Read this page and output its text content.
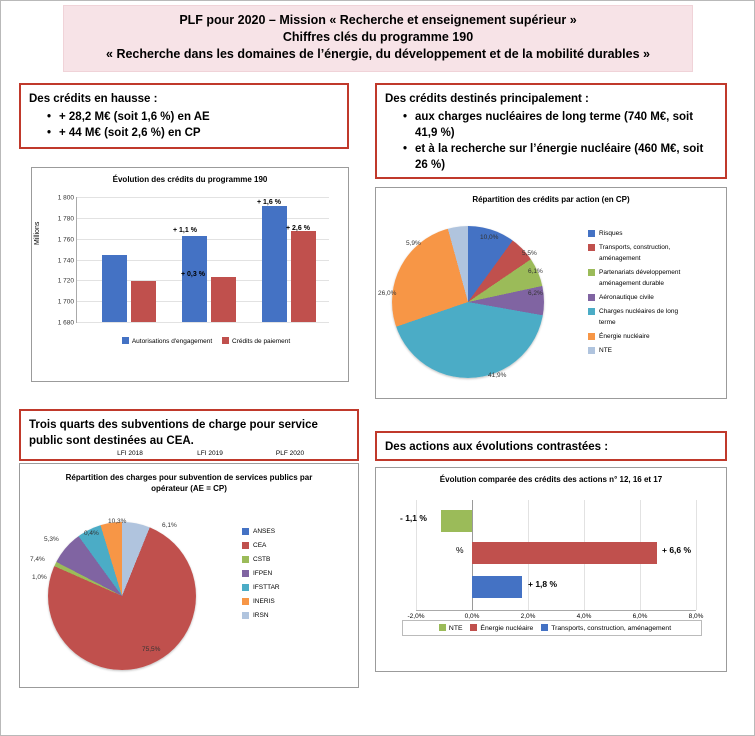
PLF pour 2020 – Mission « Recherche et enseignement supérieur »
Chiffres clés du programme 190
« Recherche dans les domaines de l’énergie, du développement et de la mobilité durables »
Des crédits en hausse :
• + 28,2 M€ (soit 1,6 %) en AE
• + 44 M€ (soit 2,6 %) en CP
Des crédits destinés principalement :
• aux charges nucléaires de long terme (740 M€, soit 41,9 %)
• et à la recherche sur l’énergie nucléaire (460 M€, soit 26 %)
Trois quarts des subventions de charge pour service
public sont destinées au CEA.	Des actions aux évolutions contrastées :
Évolution des crédits du programme 190
Millions
1 800
1 780
1 760
1 740
1 720
1 700
1 680
LFI 2018	LFI 2019	PLF 2020
+ 1,1 %
+ 0,3 %
+ 1,6 %
+ 2,6 %
Autorisations d'engagement	Crédits de paiement
Répartition des crédits par action (en CP)
5,9%
10,0%
5,5%
6,1%
6,2%
41,9%
26,0%
Risques
Transports, construction, aménagement
Partenariats développement aménagement durable
Aéronautique civile
Charges nucléaires de long terme
Énergie nucléaire
NTE
Répartition des charges pour subvention de services publics par opérateur (AE = CP)
0,4%
75,5%
1,0%
7,4%
5,3%
10,3%
6,1%
ANSES
CEA
CSTB
IFPEN
IFSTTAR
INERIS
IRSN
Évolution comparée des crédits des actions n° 12, 16 et 17
-2,0%	0,0%	2,0%	4,0%	6,0%	8,0%
- 1,1 %
+ 6,6 %
+ 1,8 %
%
NTE	Énergie nucléaire	Transports, construction, aménagement
